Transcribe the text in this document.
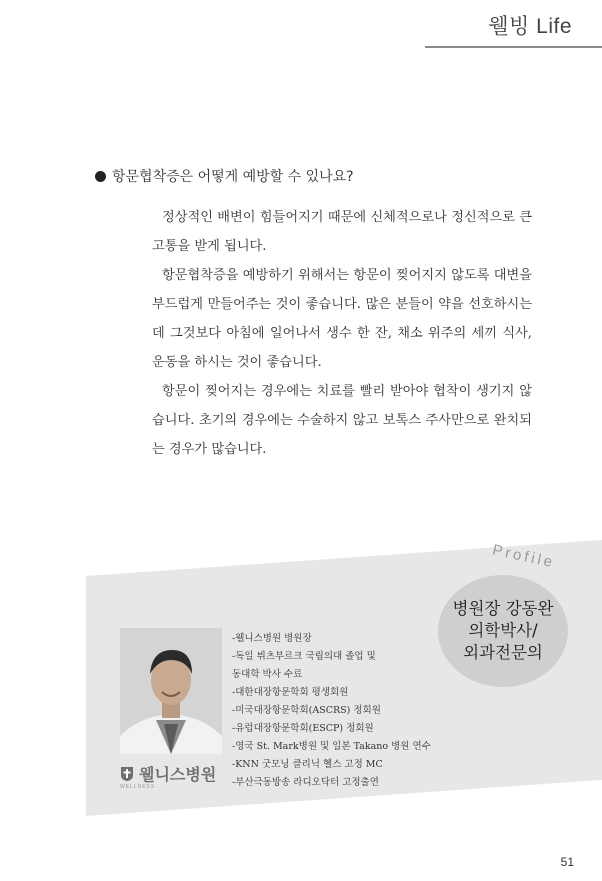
웰빙 Life
항문협착증은 어떻게 예방할 수 있나요?

정상적인 배변이 힘들어지기 때문에 신체적으로나 정신적으로 큰 고통을 받게 됩니다.

항문협착증을 예방하기 위해서는 항문이 찢어지지 않도록 대변을 부드럽게 만들어주는 것이 좋습니다. 많은 분들이 약을 선호하시는데 그것보다 아침에 일어나서 생수 한 잔, 채소 위주의 세끼 식사, 운동을 하시는 것이 좋습니다.

항문이 찢어지는 경우에는 치료를 빨리 받아야 협착이 생기지 않습니다. 초기의 경우에는 수술하지 않고 보톡스 주사만으로 완치되는 경우가 많습니다.

Profile
병원장 강동완
의학박사/
외과전문의
웰니스병원
WELLNESS
-웰니스병원 병원장
-독일 뷔츠부르크 국립의대 졸업 및
동대학 박사 수료
-대한대장항문학회 평생회원
-미국대장항문학회(ASCRS) 정회원
-유럽대장항문학회(ESCP) 정회원
-영국 St. Mark병원 및 일본 Takano 병원 연수
-KNN 굿모닝 클리닉 헬스 고정 MC
-부산극동방송 라디오닥터 고정출연
51
